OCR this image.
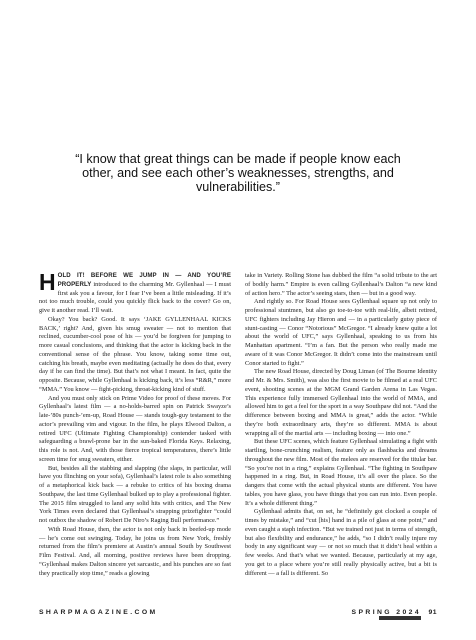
“I know that great things can be made if people know each other, and see each other’s weaknesses, strengths, and vulnerabilities.”

HOLD IT! BEFORE WE JUMP IN — AND YOU’RE PROPERLY introduced to the charming Mr. Gyllenhaal — I must first ask you a favour, for I fear I’ve been a little misleading. If it’s not too much trouble, could you quickly flick back to the cover? Go on, give it another read. I’ll wait.

Okay? You back? Good. It says ‘JAKE GYLLENHAAL KICKS BACK,’ right? And, given his smug sweater — not to mention that reclined, cucumber-cool pose of his — you’d be forgiven for jumping to more casual conclusions, and thinking that the actor is kicking back in the conventional sense of the phrase. You know, taking some time out, catching his breath, maybe even meditating (actually he does do that, every day if he can find the time). But that’s not what I meant. In fact, quite the opposite. Because, while Gyllenhaal is kicking back, it’s less “R&R,” more “MMA.” You know — fight-picking, throat-kicking kind of stuff.

And you must only stick on Prime Video for proof of these moves. For Gyllenhaal’s latest film — a no-holds-barred spin on Patrick Swayze’s late-’80s punch-’em-up, Road House — stands tough-guy testament to the actor’s prevailing vim and vigour. In the film, he plays Elwood Dalton, a retired UFC (Ultimate Fighting Championship) contender tasked with safeguarding a brawl-prone bar in the sun-baked Florida Keys. Relaxing, this role is not. And, with those fierce tropical temperatures, there’s little screen time for snug sweaters, either.

But, besides all the stabbing and slapping (the slaps, in particular, will have you flinching on your sofa), Gyllenhaal’s latest role is also something of a metaphorical kick back — a rebuke to critics of his boxing drama Southpaw, the last time Gyllenhaal bulked up to play a professional fighter. The 2015 film struggled to land any solid hits with critics, and The New York Times even declared that Gyllenhaal’s strapping prizefighter “could not outbox the shadow of Robert De Niro’s Raging Bull performance.”

With Road House, then, the actor is not only back in beefed-up mode — he’s come out swinging. Today, he joins us from New York, freshly returned from the film’s premiere at Austin’s annual South by Southwest Film Festival. And, all morning, positive reviews have been dropping. “Gyllenhaal makes Dalton sincere yet sarcastic, and his punches are so fast they practically stop time,” reads a glowing

take in Variety. Rolling Stone has dubbed the film “a solid tribute to the art of bodily harm.” Empire is even calling Gyllenhaal’s Dalton “a new kind of action hero.” The actor’s seeing stars, then — but in a good way.

And rightly so. For Road House sees Gyllenhaal square up not only to professional stuntmen, but also go toe-to-toe with real-life, albeit retired, UFC fighters including Jay Hieron and — in a particularly gutsy piece of stunt-casting — Conor “Notorious” McGregor. “I already knew quite a lot about the world of UFC,” says Gyllenhaal, speaking to us from his Manhattan apartment. “I’m a fan. But the person who really made me aware of it was Conor McGregor. It didn’t come into the mainstream until Conor started to fight.”

The new Road House, directed by Doug Liman (of The Bourne Identity and Mr. & Mrs. Smith), was also the first movie to be filmed at a real UFC event, shooting scenes at the MGM Grand Garden Arena in Las Vegas. This experience fully immersed Gyllenhaal into the world of MMA, and allowed him to get a feel for the sport in a way Southpaw did not. “And the difference between boxing and MMA is great,” adds the actor. “While they’re both extraordinary arts, they’re so different. MMA is about wrapping all of the martial arts — including boxing — into one.”

But these UFC scenes, which feature Gyllenhaal simulating a fight with startling, bone-crunching realism, feature only as flashbacks and dreams throughout the new film. Most of the melees are reserved for the titular bar. “So you’re not in a ring,” explains Gyllenhaal. “The fighting in Southpaw happened in a ring. But, in Road House, it’s all over the place. So the dangers that come with the actual physical stunts are different. You have tables, you have glass, you have things that you can run into. Even people. It’s a whole different thing.”

Gyllenhaal admits that, on set, he “definitely got clocked a couple of times by mistake,” and “cut [his] hand in a pile of glass at one point,” and even caught a staph infection. “But we trained not just in terms of strength, but also flexibility and endurance,” he adds, “so I didn’t really injure my body in any significant way — or not so much that it didn’t heal within a few weeks. And that’s what we wanted. Because, particularly at my age, you get to a place where you’re still really physically active, but a bit is different — a fall is different. So

SHARPMAGAZINE.COM	SPRING 2024 91
